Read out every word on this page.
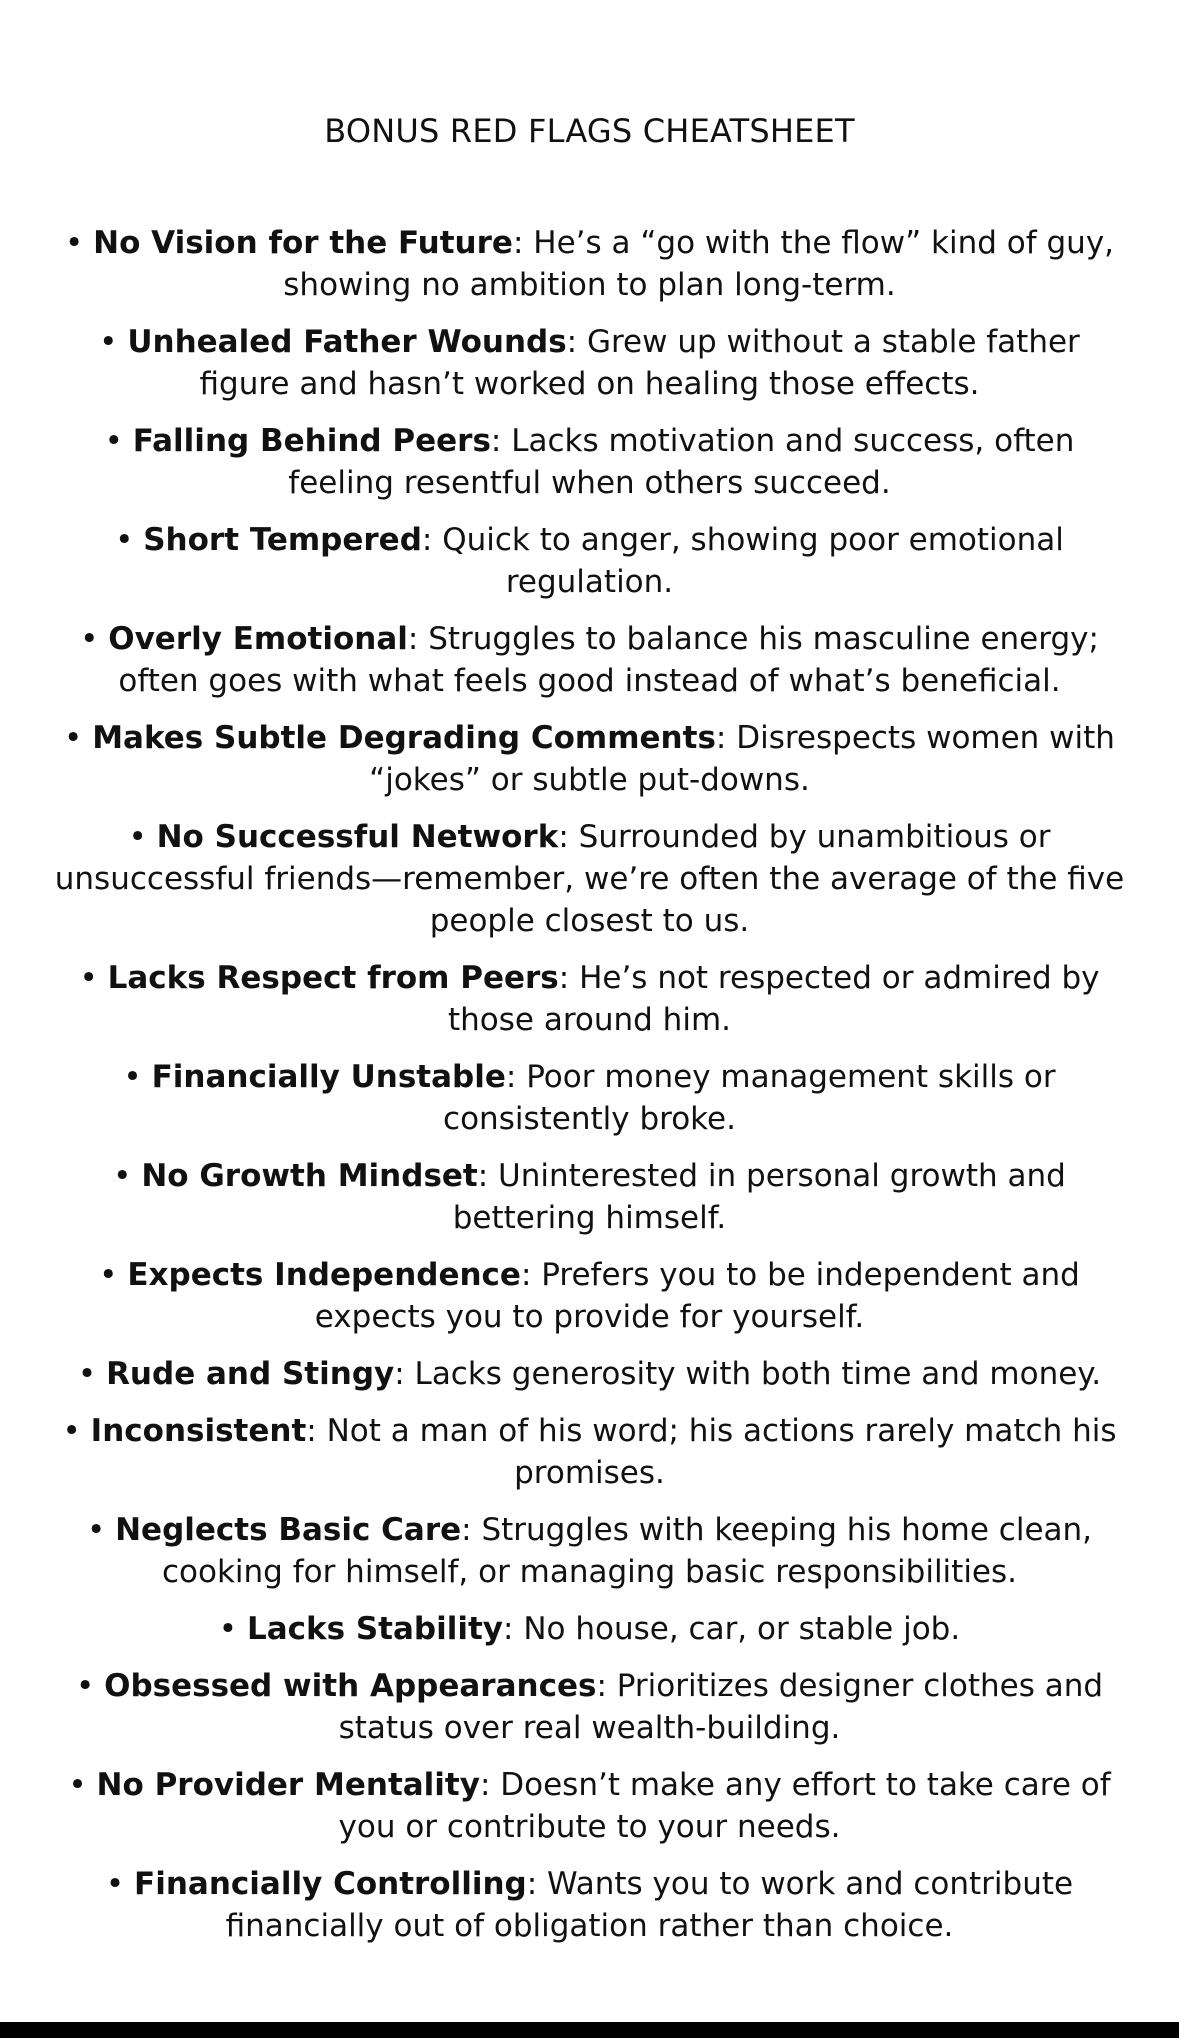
BONUS RED FLAGS CHEATSHEET
• No Vision for the Future: He’s a “go with the flow” kind of guy, showing no ambition to plan long-term.
• Unhealed Father Wounds: Grew up without a stable father figure and hasn’t worked on healing those effects.
• Falling Behind Peers: Lacks motivation and success, often feeling resentful when others succeed.
• Short Tempered: Quick to anger, showing poor emotional regulation.
• Overly Emotional: Struggles to balance his masculine energy; often goes with what feels good instead of what’s beneficial.
• Makes Subtle Degrading Comments: Disrespects women with “jokes” or subtle put-downs.
• No Successful Network: Surrounded by unambitious or unsuccessful friends—remember, we’re often the average of the five people closest to us.
• Lacks Respect from Peers: He’s not respected or admired by those around him.
• Financially Unstable: Poor money management skills or consistently broke.
• No Growth Mindset: Uninterested in personal growth and bettering himself.
• Expects Independence: Prefers you to be independent and expects you to provide for yourself.
• Rude and Stingy: Lacks generosity with both time and money.
• Inconsistent: Not a man of his word; his actions rarely match his promises.
• Neglects Basic Care: Struggles with keeping his home clean, cooking for himself, or managing basic responsibilities.
• Lacks Stability: No house, car, or stable job.
• Obsessed with Appearances: Prioritizes designer clothes and status over real wealth-building.
• No Provider Mentality: Doesn’t make any effort to take care of you or contribute to your needs.
• Financially Controlling: Wants you to work and contribute financially out of obligation rather than choice.
